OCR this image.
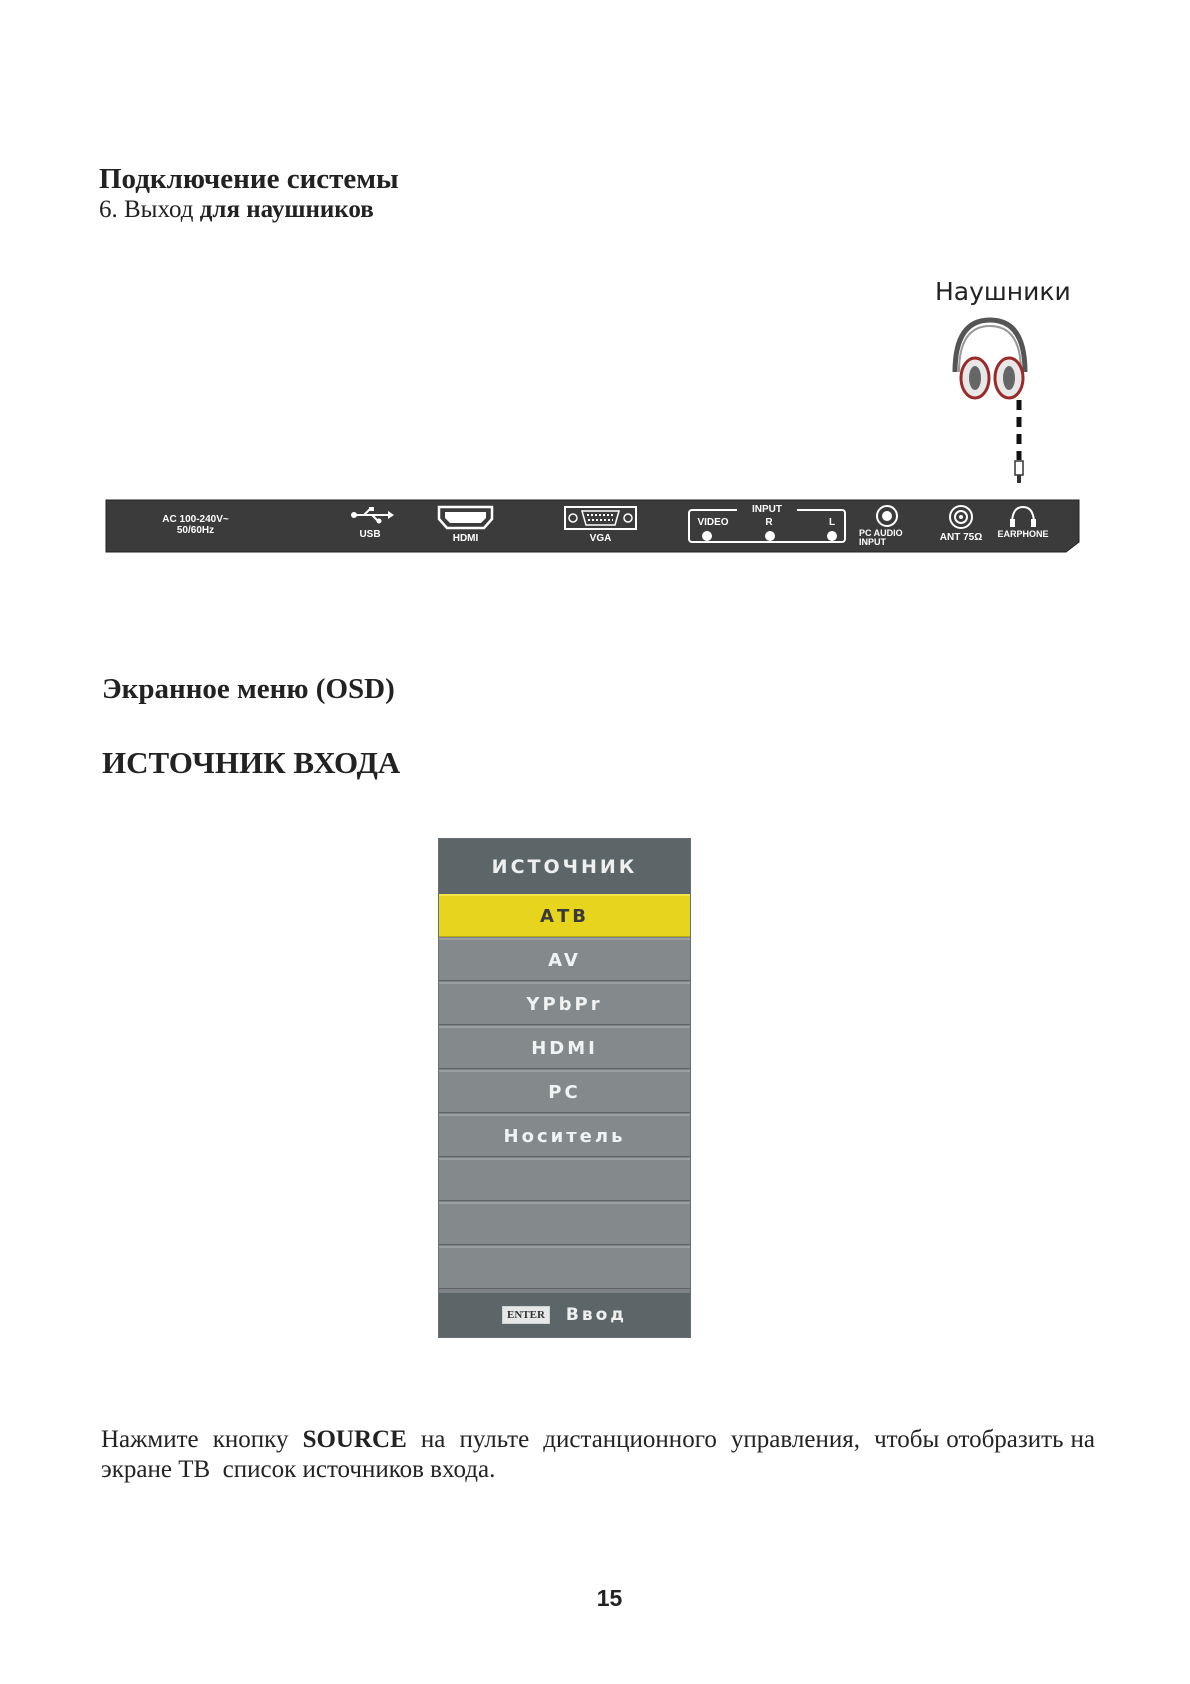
Подключение системы
6. Выход для наушников
Наушники
AC 100-240V~
50/60Hz	USB	HDMI	VGA
INPUT
VIDEO	R	L
PC AUDIO
INPUT	ANT 75Ω	EARPHONE
Экранное меню (OSD)
ИСТОЧНИК ВХОДА
ИСТОЧНИК
АТВ
AV
YPbPr
HDMI
PC
Носитель
ENTER Ввод
Нажмите  кнопку  SOURCE  на  пульте  дистанционного  управления,  чтобы отобразить на экране ТВ  список источников входа.
15
